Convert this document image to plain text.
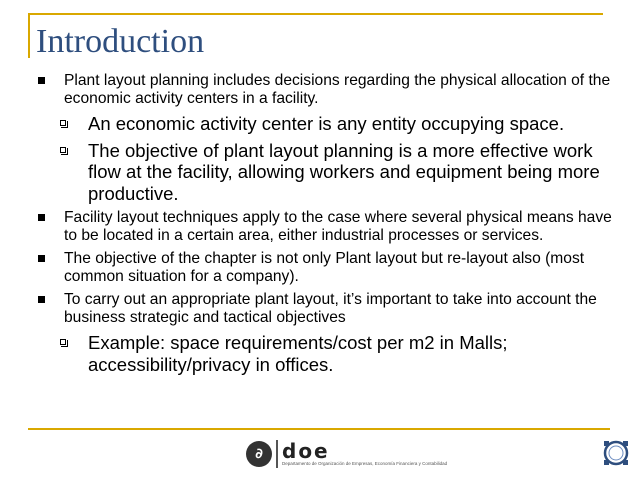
Introduction
Plant layout planning includes decisions regarding the physical allocation of the economic activity centers in a facility.
An economic activity center is any entity occupying space.
The objective of plant layout planning is a more effective work flow at the facility, allowing workers and equipment being more productive.
Facility layout techniques apply to the case where several physical means have to be located in a certain area, either industrial processes or services.
The objective of the chapter is not only Plant layout but re-layout also (most common situation for a company).
To carry out an appropriate plant layout, it’s important to take into account the business strategic and tactical objectives
Example: space requirements/cost per m2 in Malls; accessibility/privacy in offices.
∂ doe
Departamento de Organización de Empresas, Economía Financiera y Contabilidad
